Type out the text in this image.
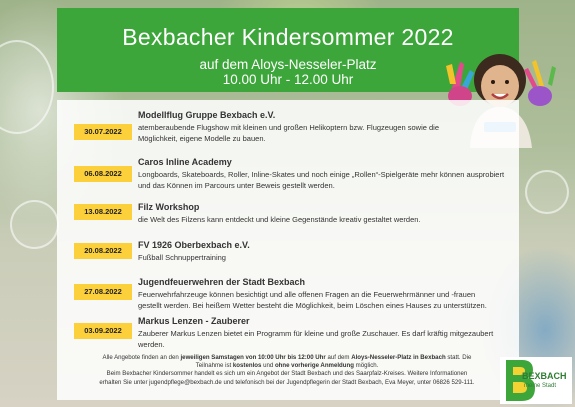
Bexbacher Kindersommer 2022
auf dem Aloys-Nesseler-Platz
10.00 Uhr - 12.00 Uhr
30.07.2022
Modellflug Gruppe Bexbach e.V.
atemberaubende Flugshow mit kleinen und großen Helikoptern bzw. Flugzeugen sowie die
Möglichkeit, eigene Modelle zu bauen.
06.08.2022
Caros Inline Academy
Longboards, Skateboards, Roller, Inline-Skates und noch einige „Rollen“-Spielgeräte mehr können ausprobiert
und das Können im Parcours unter Beweis gestellt werden.
13.08.2022	Filz Workshop
die Welt des Filzens kann entdeckt und kleine Gegenstände kreativ gestaltet werden.
20.08.2022
FV 1926 Oberbexbach e.V.
Fußball Schnuppertraining
27.08.2022
Jugendfeuerwehren der Stadt Bexbach
Feuerwehrfahrzeuge können besichtigt und alle offenen Fragen an die Feuerwehrmänner und -frauen
gestellt werden. Bei heißem Wetter besteht die Möglichkeit, beim Löschen eines Hauses zu unterstützen.
03.09.2022
Markus Lenzen - Zauberer
Zauberer Markus Lenzen bietet ein Programm für kleine und große Zuschauer. Es darf kräftig mitgezaubert
werden.
Alle Angebote finden an den jeweiligen Samstagen von 10:00 Uhr bis 12:00 Uhr auf dem Aloys-Nesseler-Platz in Bexbach statt. Die
Teilnahme ist kostenlos und ohne vorherige Anmeldung möglich.
Beim Bexbacher Kindersommer handelt es sich um ein Angebot der Stadt Bexbach und des Saarpfalz-Kreises. Weitere Informationen
erhalten Sie unter jugendpflege@bexbach.de und telefonisch bei der Jugendpflegerin der Stadt Bexbach, Eva Meyer, unter 06826 529-111.
BEXBACH
meine Stadt
